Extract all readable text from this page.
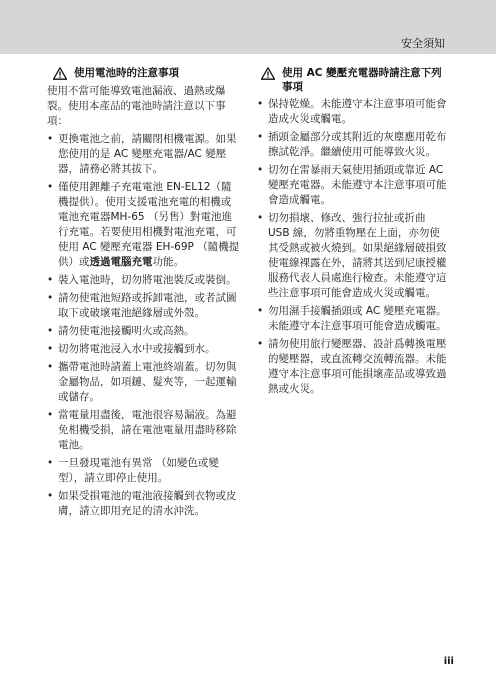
安全須知
使用電池時的注意事項
使用不當可能導致電池漏液、過熱或爆裂。使用本產品的電池時請注意以下事項：
• 更換電池之前，請關閉相機電源。如果您使用的是 AC 變壓充電器/AC 變壓器，請務必將其拔下。
• 僅使用鋰離子充電電池 EN-EL12（隨機提供）。使用支援電池充電的相機或電池充電器MH-65 （另售）對電池進行充電。若要使用相機對電池充電，可使用 AC 變壓充電器 EH-69P （隨機提供）或透過電腦充電功能。
• 裝入電池時，切勿將電池裝反或裝倒。
• 請勿使電池短路或拆卸電池，或者試圖取下或破壞電池絕緣層或外殼。
• 請勿使電池接觸明火或高熱。
• 切勿將電池浸入水中或接觸到水。
• 攜帶電池時請蓋上電池終端蓋。切勿與金屬物品，如項鏈、髮夾等，一起運輸或儲存。
• 當電量用盡後，電池很容易漏液。為避免相機受損，請在電池電量用盡時移除電池。
• 一旦發現電池有異常 （如變色或變型），請立即停止使用。
• 如果受損電池的電池液接觸到衣物或皮膚，請立即用充足的清水沖洗。
使用 AC 變壓充電器時請注意下列事項
• 保持乾燥。未能遵守本注意事項可能會造成火災或觸電。
• 插頭金屬部分或其附近的灰塵應用乾布擦試乾淨。繼續使用可能導致火災。
• 切勿在雷暴雨天氣使用插頭或靠近 AC 變壓充電器。未能遵守本注意事項可能會造成觸電。
• 切勿損壞、修改、強行拉扯或折曲 USB 線，勿將重物壓在上面，亦勿使其受熱或被火燒到。如果絕緣層破損致使電線裸露在外，請將其送到尼康授權服務代表人員處進行檢查。未能遵守這些注意事項可能會造成火災或觸電。
• 勿用濕手接觸插頭或 AC 變壓充電器。未能遵守本注意事項可能會造成觸電。
• 請勿使用旅行變壓器、設計爲轉換電壓的變壓器，或直流轉交流轉流器。未能遵守本注意事項可能損壞產品或導致過熱或火災。
iii
